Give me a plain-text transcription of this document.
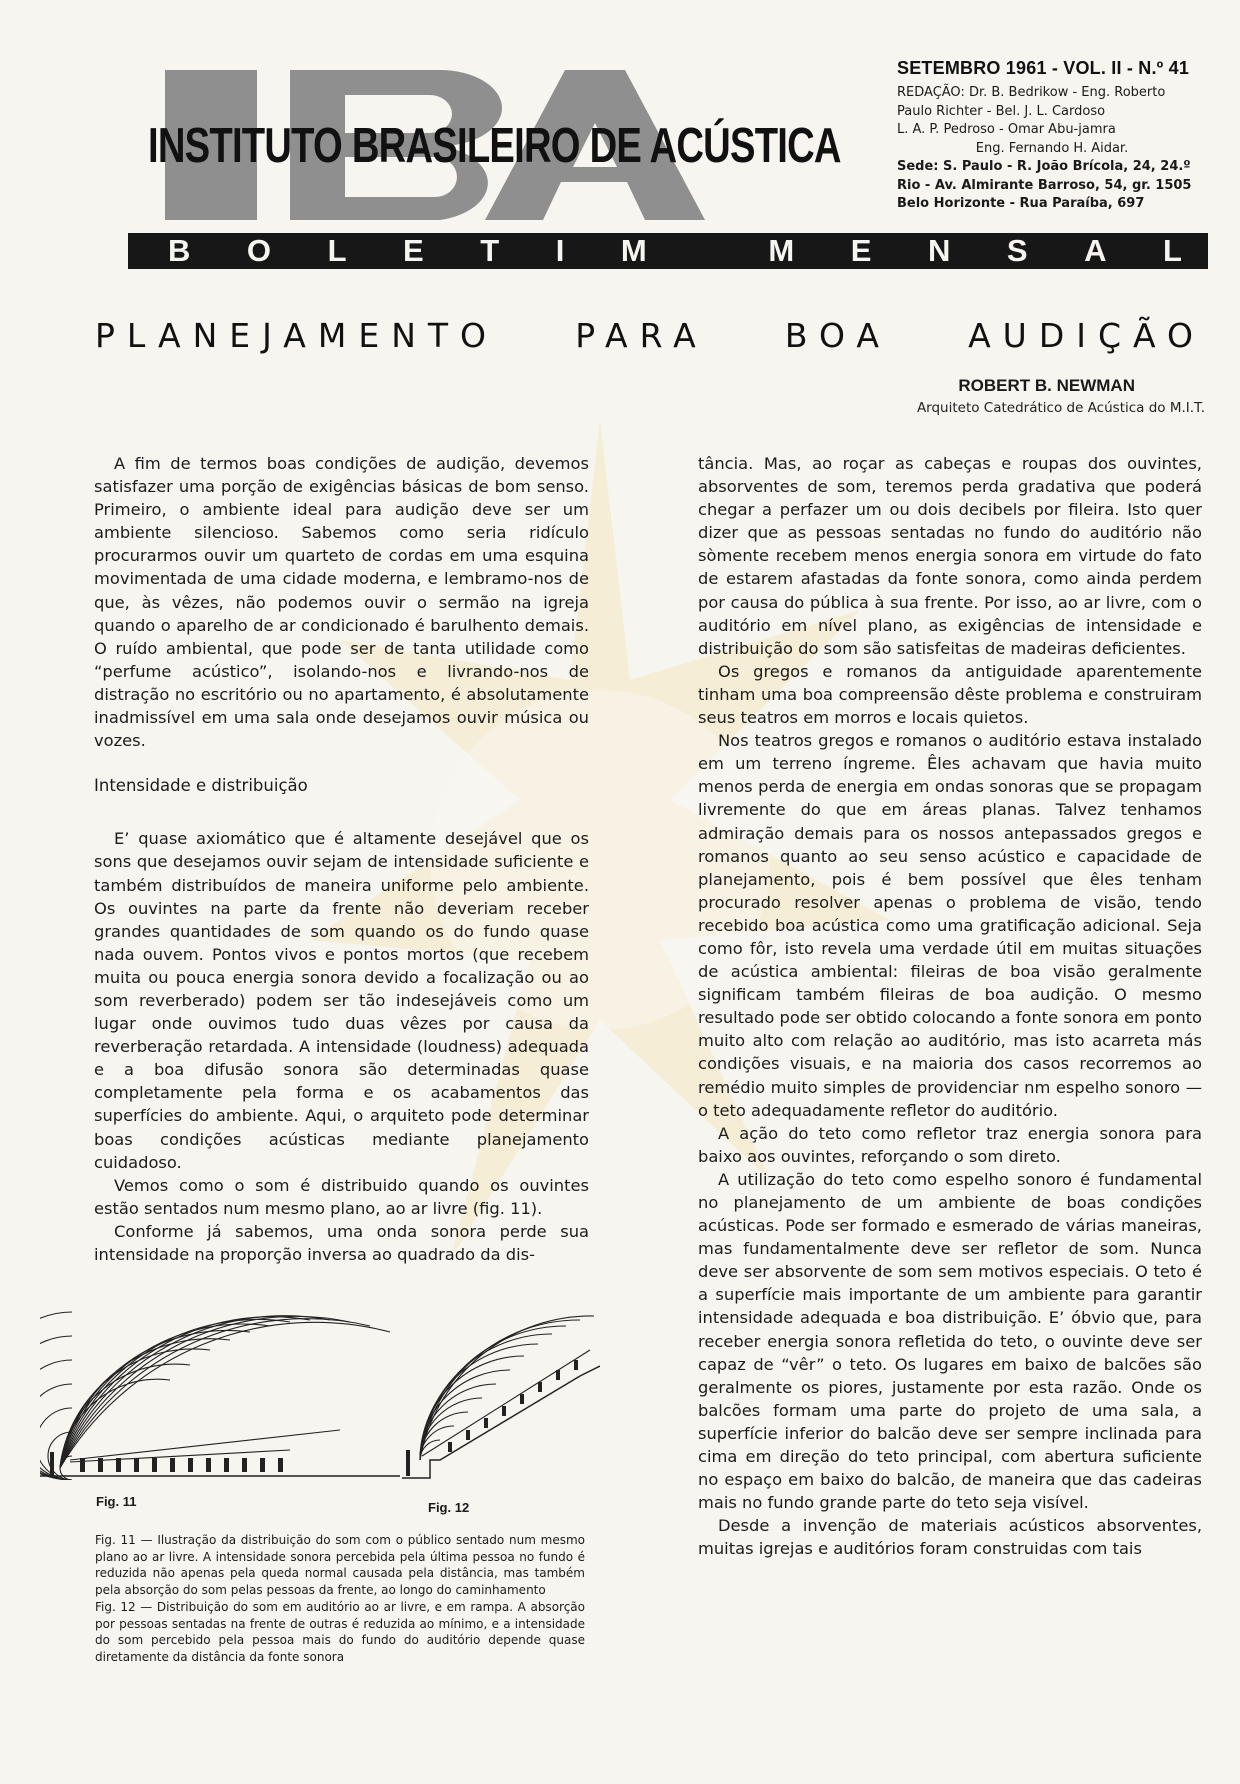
INSTITUTO BRASILEIRO DE ACÚSTICA
SETEMBRO 1961 - VOL. II - N.º 41
REDAÇÃO: Dr. B. Bedrikow - Eng. Roberto
Paulo Richter - Bel. J. L. Cardoso
L. A. P. Pedroso - Omar Abu-jamra
Eng. Fernando H. Aidar.
Sede: S. Paulo - R. João Brícola, 24, 24.º
Rio - Av. Almirante Barroso, 54, gr. 1505
Belo Horizonte - Rua Paraíba, 697
B O L E T I M
	M E N S A L
PLANEJAMENTO PARA BOA AUDIÇÃO
ROBERT B. NEWMAN
Arquiteto Catedrático de Acústica do M.I.T.

A fim de termos boas condições de audição, devemos satisfazer uma porção de exigências básicas de bom senso. Primeiro, o ambiente ideal para audição deve ser um ambiente silencioso. Sabemos como seria ridículo procurarmos ouvir um quarteto de cordas em uma esquina movimentada de uma cidade moderna, e lembramo-nos de que, às vêzes, não podemos ouvir o sermão na igreja quando o aparelho de ar condicionado é barulhento demais. O ruído ambiental, que pode ser de tanta utilidade como “perfume acústico”, isolando-nos e livrando-nos de distração no escritório ou no apartamento, é absolutamente inadmissível em uma sala onde desejamos ouvir música ou vozes.

Intensidade e distribuição

E’ quase axiomático que é altamente desejável que os sons que desejamos ouvir sejam de intensidade suficiente e também distribuídos de maneira uniforme pelo ambiente. Os ouvintes na parte da frente não deveriam receber grandes quantidades de som quando os do fundo quase nada ouvem. Pontos vivos e pontos mortos (que recebem muita ou pouca energia sonora devido a focalização ou ao som reverberado) podem ser tão indesejáveis como um lugar onde ouvimos tudo duas vêzes por causa da reverberação retardada. A intensidade (loudness) adequada e a boa difusão sonora são determinadas quase completamente pela forma e os acabamentos das superfícies do ambiente. Aqui, o arquiteto pode determinar boas condições acústicas mediante planejamento cuidadoso.

Vemos como o som é distribuido quando os ouvintes estão sentados num mesmo plano, ao ar livre (fig. 11).

Conforme já sabemos, uma onda sonora perde sua intensidade na proporção inversa ao quadrado da dis-

tância. Mas, ao roçar as cabeças e roupas dos ouvintes, absorventes de som, teremos perda gradativa que poderá chegar a perfazer um ou dois decibels por fileira. Isto quer dizer que as pessoas sentadas no fundo do auditório não sòmente recebem menos energia sonora em virtude do fato de estarem afastadas da fonte sonora, como ainda perdem por causa do pública à sua frente. Por isso, ao ar livre, com o auditório em nível plano, as exigências de intensidade e distribuição do som são satisfeitas de madeiras deficientes.

Os gregos e romanos da antiguidade aparentemente tinham uma boa compreensão dêste problema e construiram seus teatros em morros e locais quietos.

Nos teatros gregos e romanos o auditório estava instalado em um terreno íngreme. Êles achavam que havia muito menos perda de energia em ondas sonoras que se propagam livremente do que em áreas planas. Talvez tenhamos admiração demais para os nossos antepassados gregos e romanos quanto ao seu senso acústico e capacidade de planejamento, pois é bem possível que êles tenham procurado resolver apenas o problema de visão, tendo recebido boa acústica como uma gratificação adicional. Seja como fôr, isto revela uma verdade útil em muitas situações de acústica ambiental: fileiras de boa visão geralmente significam também fileiras de boa audição. O mesmo resultado pode ser obtido colocando a fonte sonora em ponto muito alto com relação ao auditório, mas isto acarreta más condições visuais, e na maioria dos casos recorremos ao remédio muito simples de providenciar nm espelho sonoro — o teto adequadamente refletor do auditório.

A ação do teto como refletor traz energia sonora para baixo aos ouvintes, reforçando o som direto.

A utilização do teto como espelho sonoro é fundamental no planejamento de um ambiente de boas condições acústicas. Pode ser formado e esmerado de várias maneiras, mas fundamentalmente deve ser refletor de som. Nunca deve ser absorvente de som sem motivos especiais. O teto é a superfície mais importante de um ambiente para garantir intensidade adequada e boa distribuição. E’ óbvio que, para receber energia sonora refletida do teto, o ouvinte deve ser capaz de “vêr” o teto. Os lugares em baixo de balcões são geralmente os piores, justamente por esta razão. Onde os balcões formam uma parte do projeto de uma sala, a superfície inferior do balcão deve ser sempre inclinada para cima em direção do teto principal, com abertura suficiente no espaço em baixo do balcão, de maneira que das cadeiras mais no fundo grande parte do teto seja visível.

Desde a invenção de materiais acústicos absorventes, muitas igrejas e auditórios foram construidas com tais

Fig. 11	Fig. 12

Fig. 11 — Ilustração da distribuição do som com o público sentado num mesmo plano ao ar livre. A intensidade sonora percebida pela última pessoa no fundo é reduzida não apenas pela queda normal causada pela distância, mas também pela absorção do som pelas pessoas da frente, ao longo do caminhamento

Fig. 12 — Distribuição do som em auditório ao ar livre, e em rampa. A absorção por pessoas sentadas na frente de outras é reduzida ao mínimo, e a intensidade do som percebido pela pessoa mais do fundo do auditório depende quase diretamente da distância da fonte sonora
